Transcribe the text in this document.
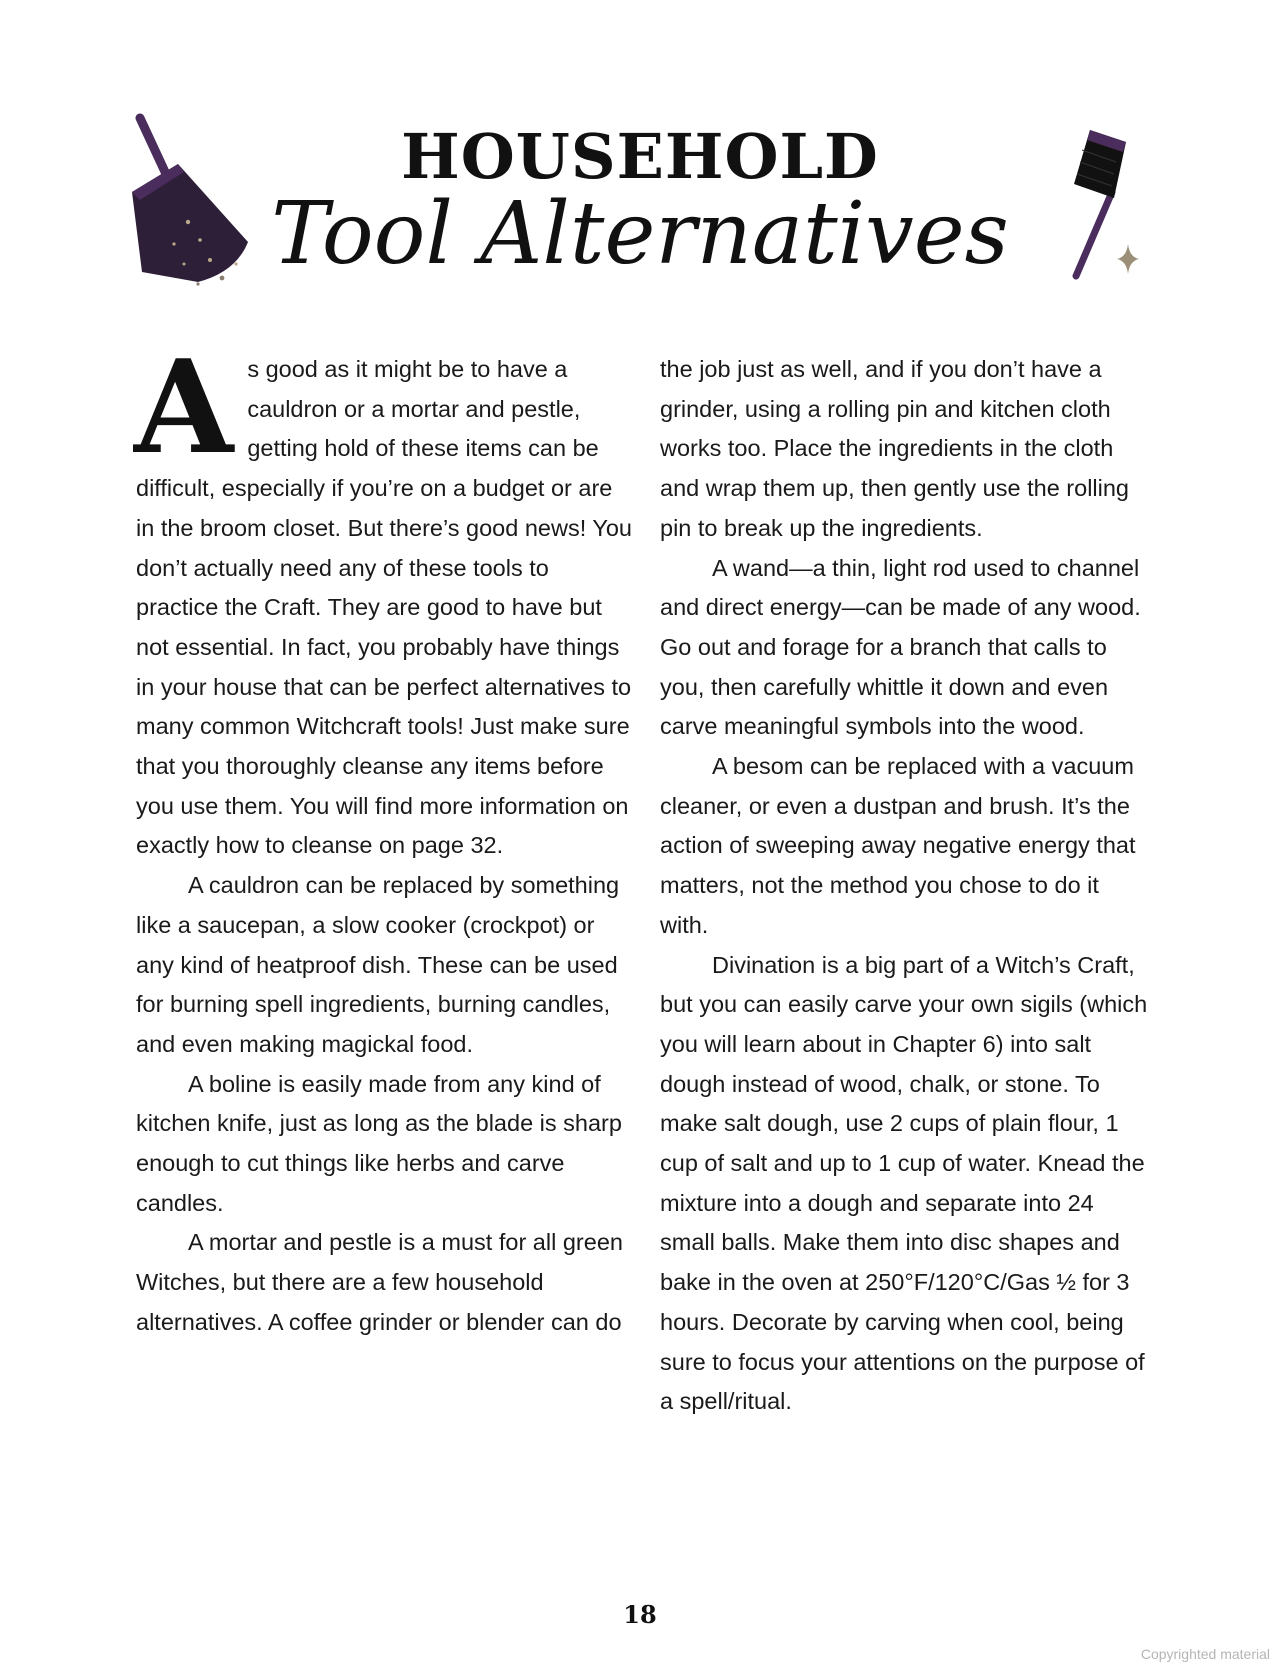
HOUSEHOLD
Tool Alternatives
A s good as it might be to have a cauldron or a mortar and pestle, getting hold of these items can be difficult, especially if you’re on a budget or are in the broom closet. But there’s good news! You don’t actually need any of these tools to practice the Craft. They are good to have but not essential. In fact, you probably have things in your house that can be perfect alternatives to many common Witchcraft tools! Just make sure that you thoroughly cleanse any items before you use them. You will find more information on exactly how to cleanse on page 32.

A cauldron can be replaced by something like a saucepan, a slow cooker (crockpot) or any kind of heatproof dish. These can be used for burning spell ingredients, burning candles, and even making magickal food.

A boline is easily made from any kind of kitchen knife, just as long as the blade is sharp enough to cut things like herbs and carve candles.

A mortar and pestle is a must for all green Witches, but there are a few household alternatives. A coffee grinder or blender can do

the job just as well, and if you don’t have a grinder, using a rolling pin and kitchen cloth works too. Place the ingredients in the cloth and wrap them up, then gently use the rolling pin to break up the ingredients.

A wand—a thin, light rod used to channel and direct energy—can be made of any wood. Go out and forage for a branch that calls to you, then carefully whittle it down and even carve meaningful symbols into the wood.

A besom can be replaced with a vacuum cleaner, or even a dustpan and brush. It’s the action of sweeping away negative energy that matters, not the method you chose to do it with.

Divination is a big part of a Witch’s Craft, but you can easily carve your own sigils (which you will learn about in Chapter 6) into salt dough instead of wood, chalk, or stone. To make salt dough, use 2 cups of plain flour, 1 cup of salt and up to 1 cup of water. Knead the mixture into a dough and separate into 24 small balls. Make them into disc shapes and bake in the oven at 250°F/120°C/Gas ½ for 3 hours. Decorate by carving when cool, being sure to focus your attentions on the purpose of a spell/ritual.

18
Copyrighted material
